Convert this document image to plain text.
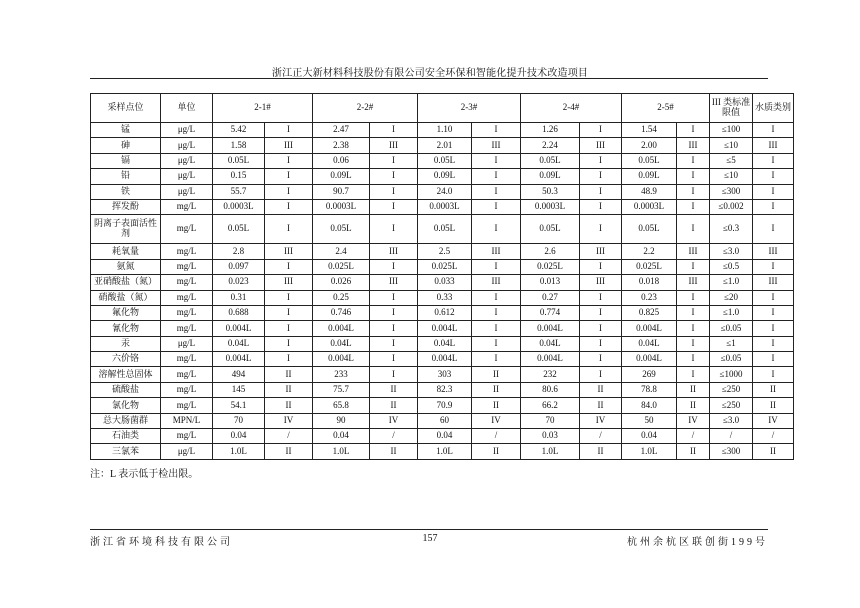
浙江正大新材料科技股份有限公司安全环保和智能化提升技术改造项目
采样点位	单位	2-1#		2-2#		2-3#		2-4#		2-5#		III 类标准限值	水质类别
锰	μg/L	5.42	I	2.47	I	1.10	I	1.26	I	1.54	I	≤100	I
砷	μg/L	1.58	III	2.38	III	2.01	III	2.24	III	2.00	III	≤10	III
镉	μg/L	0.05L	I	0.06	I	0.05L	I	0.05L	I	0.05L	I	≤5	I
铅	μg/L	0.15	I	0.09L	I	0.09L	I	0.09L	I	0.09L	I	≤10	I
铁	μg/L	55.7	I	90.7	I	24.0	I	50.3	I	48.9	I	≤300	I
挥发酚	mg/L	0.0003L	I	0.0003L	I	0.0003L	I	0.0003L	I	0.0003L	I	≤0.002	I
阴离子表面活性剂	mg/L	0.05L	I	0.05L	I	0.05L	I	0.05L	I	0.05L	I	≤0.3	I
耗氧量	mg/L	2.8	III	2.4	III	2.5	III	2.6	III	2.2	III	≤3.0	III
氨氮	mg/L	0.097	I	0.025L	I	0.025L	I	0.025L	I	0.025L	I	≤0.5	I
亚硝酸盐（氮）	mg/L	0.023	III	0.026	III	0.033	III	0.013	III	0.018	III	≤1.0	III
硝酸盐（氮）	mg/L	0.31	I	0.25	I	0.33	I	0.27	I	0.23	I	≤20	I
氟化物	mg/L	0.688	I	0.746	I	0.612	I	0.774	I	0.825	I	≤1.0	I
氰化物	mg/L	0.004L	I	0.004L	I	0.004L	I	0.004L	I	0.004L	I	≤0.05	I
汞	μg/L	0.04L	I	0.04L	I	0.04L	I	0.04L	I	0.04L	I	≤1	I
六价铬	mg/L	0.004L	I	0.004L	I	0.004L	I	0.004L	I	0.004L	I	≤0.05	I
溶解性总固体	mg/L	494	II	233	I	303	II	232	I	269	I	≤1000	I
硫酸盐	mg/L	145	II	75.7	II	82.3	II	80.6	II	78.8	II	≤250	II
氯化物	mg/L	54.1	II	65.8	II	70.9	II	66.2	II	84.0	II	≤250	II
总大肠菌群	MPN/L	70	IV	90	IV	60	IV	70	IV	50	IV	≤3.0	IV
石油类	mg/L	0.04	/	0.04	/	0.04	/	0.03	/	0.04	/	/	/
三氯苯	μg/L	1.0L	II	1.0L	II	1.0L	II	1.0L	II	1.0L	II	≤300	II
注：L 表示低于检出限。
浙江省环境科技有限公司	157	杭州余杭区联创街199号
